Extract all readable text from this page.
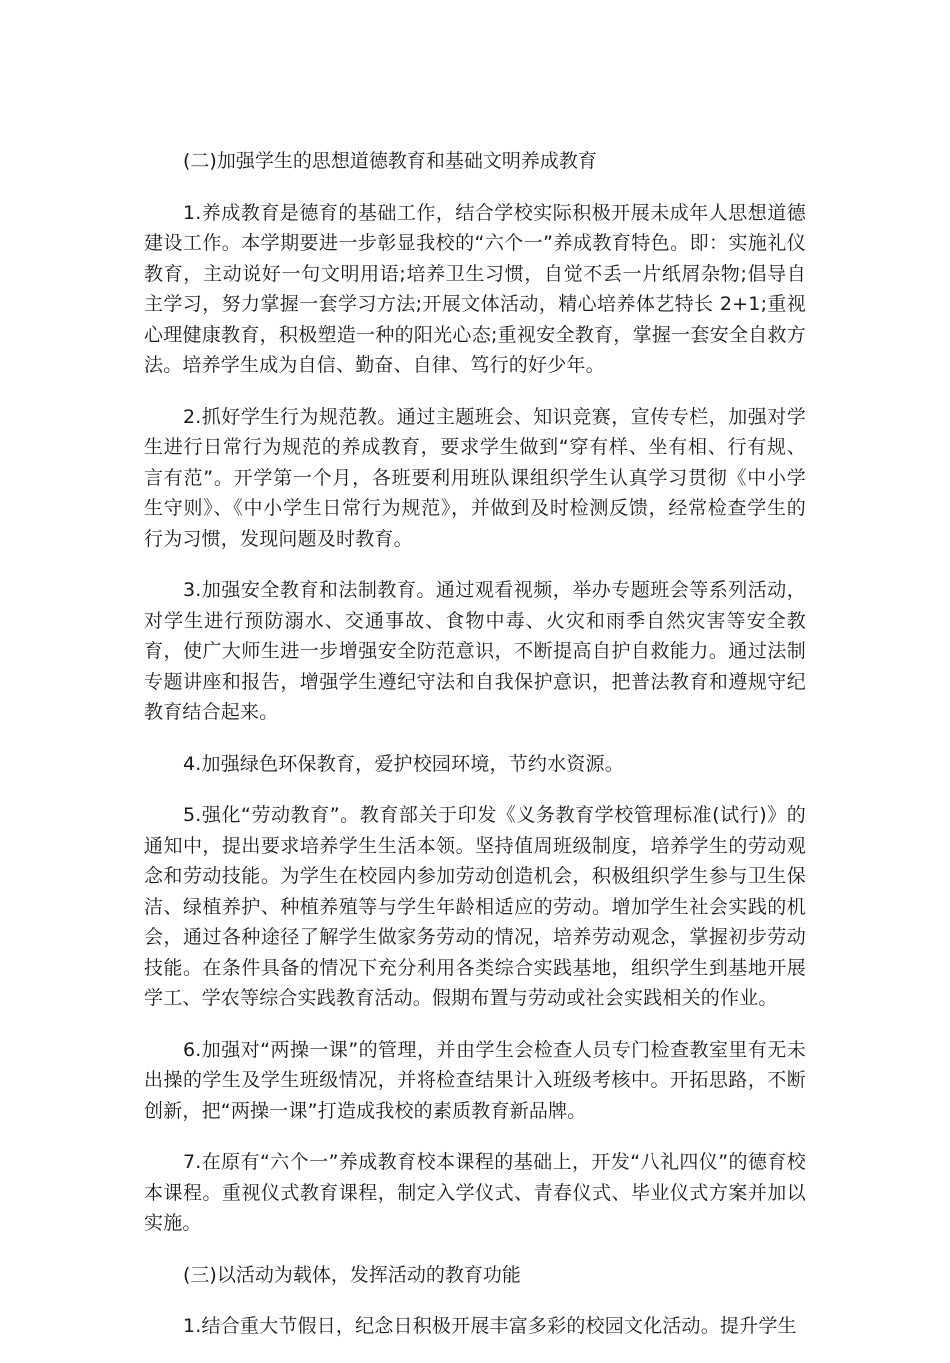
(二)加强学生的思想道德教育和基础文明养成教育

1.养成教育是德育的基础工作，结合学校实际积极开展未成年人思想道德建设工作。本学期要进一步彰显我校的“六个一”养成教育特色。即：实施礼仪教育，主动说好一句文明用语;培养卫生习惯，自觉不丢一片纸屑杂物;倡导自主学习，努力掌握一套学习方法;开展文体活动，精心培养体艺特长 2+1;重视心理健康教育，积极塑造一种的阳光心态;重视安全教育，掌握一套安全自救方法。培养学生成为自信、勤奋、自律、笃行的好少年。

2.抓好学生行为规范教。通过主题班会、知识竞赛，宣传专栏，加强对学生进行日常行为规范的养成教育，要求学生做到“穿有样、坐有相、行有规、言有范”。开学第一个月，各班要利用班队课组织学生认真学习贯彻《中小学生守则》、《中小学生日常行为规范》，并做到及时检测反馈，经常检查学生的行为习惯，发现问题及时教育。

3.加强安全教育和法制教育。通过观看视频，举办专题班会等系列活动，对学生进行预防溺水、交通事故、食物中毒、火灾和雨季自然灾害等安全教育，使广大师生进一步增强安全防范意识，不断提高自护自救能力。通过法制专题讲座和报告，增强学生遵纪守法和自我保护意识，把普法教育和遵规守纪教育结合起来。

4.加强绿色环保教育，爱护校园环境，节约水资源。

5.强化“劳动教育”。教育部关于印发《义务教育学校管理标准(试行)》的通知中，提出要求培养学生生活本领。坚持值周班级制度，培养学生的劳动观念和劳动技能。为学生在校园内参加劳动创造机会，积极组织学生参与卫生保洁、绿植养护、种植养殖等与学生年龄相适应的劳动。增加学生社会实践的机会，通过各种途径了解学生做家务劳动的情况，培养劳动观念，掌握初步劳动技能。在条件具备的情况下充分利用各类综合实践基地，组织学生到基地开展学工、学农等综合实践教育活动。假期布置与劳动或社会实践相关的作业。

6.加强对“两操一课”的管理，并由学生会检查人员专门检查教室里有无未出操的学生及学生班级情况，并将检查结果计入班级考核中。开拓思路，不断创新，把“两操一课”打造成我校的素质教育新品牌。

7.在原有“六个一”养成教育校本课程的基础上，开发“八礼四仪”的德育校本课程。重视仪式教育课程，制定入学仪式、青春仪式、毕业仪式方案并加以实施。

(三)以活动为载体，发挥活动的教育功能

1.结合重大节假日，纪念日积极开展丰富多彩的校园文化活动。提升学生
